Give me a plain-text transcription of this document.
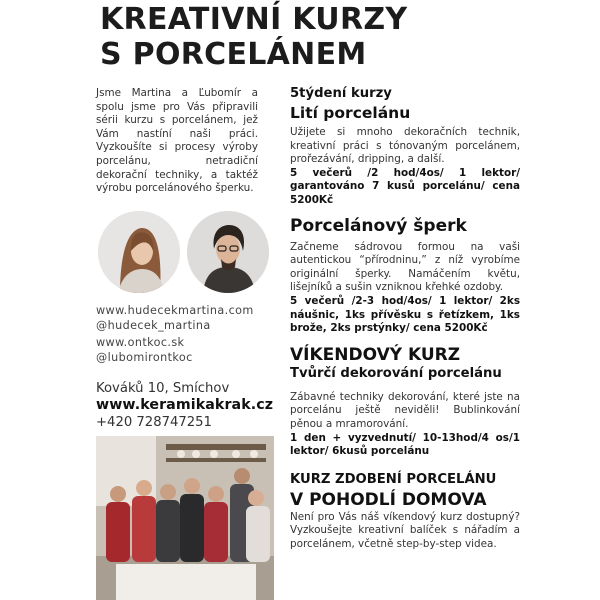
KREATIVNÍ KURZY
S PORCELÁNEM
Jsme Martina a Ľubomír a spolu jsme pro Vás připravili sérii kurzu s porcelánem, jež Vám nastíní naši práci. Vyzkoušíte si procesy výroby porcelánu, netradiční dekorační techniky, a taktéž výrobu porcelánového šperku.
www.hudecekmartina.com
@hudecek_martina
www.ontkoc.sk
@lubomirontkoc
Kováků 10, Smíchov
www.keramikakrak.cz
+420 728747251
5týdení kurzy
Lití porcelánu
Užijete si mnoho dekoračních technik, kreativní práci s tónovaným porcelánem, prořezávání, dripping, a další.
5 večerů /2 hod/4os/ 1 lektor/ garantováno 7 kusů porcelánu/ cena 5200Kč
Porcelánový šperk
Začneme sádrovou formou na vaši autentickou “přírodninu,” z níž vyrobíme originální šperky. Namáčením květu, lišejníků a sušin vzniknou křehké ozdoby.
5 večerů /2-3 hod/4os/ 1 lektor/ 2ks náušnic, 1ks přívěsku s řetízkem, 1ks brože, 2ks prstýnky/ cena 5200Kč
VÍKENDOVÝ KURZ
Tvůrčí dekorování porcelánu
Zábavné techniky dekorování, které jste na porcelánu ještě neviděli! Bublinkování pěnou a mramorování.
1 den + vyzvednutí/ 10-13hod/4 os/1 lektor/ 6kusů porcelánu
KURZ ZDOBENÍ PORCELÁNU
V POHODLÍ DOMOVA
Není pro Vás náš víkendový kurz dostupný? Vyzkoušejte kreativní balíček s nářadím a porcelánem, včetně step-by-step videa.
